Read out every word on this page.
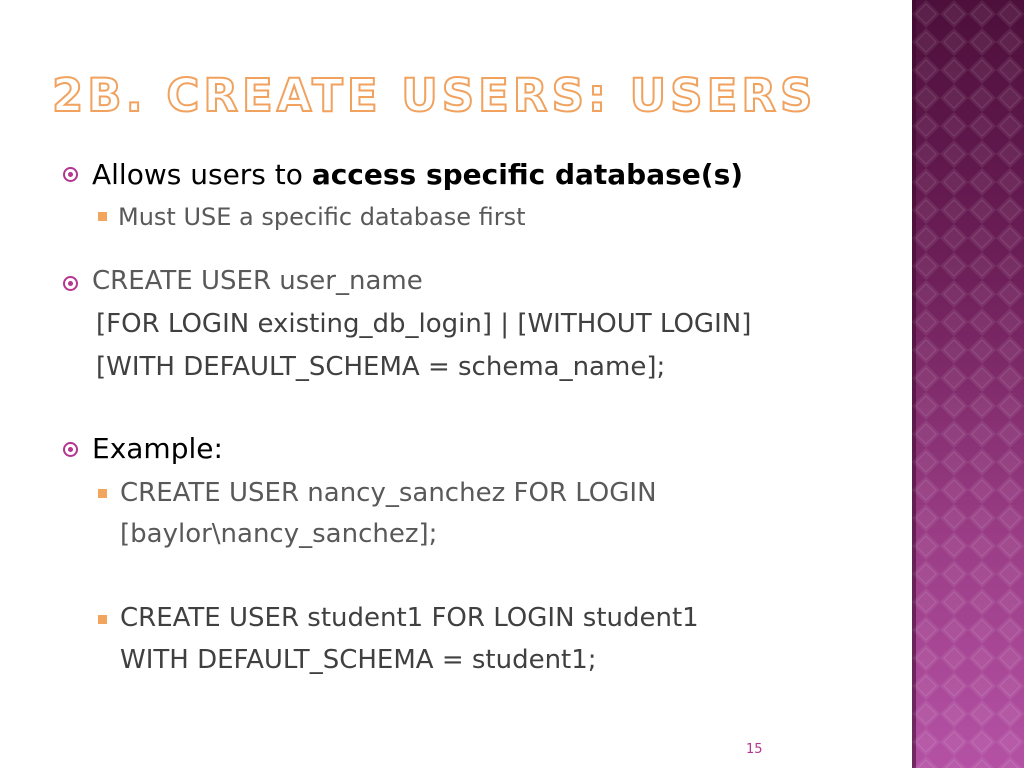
2B. CREATE USERS: USERS
Allows users to access specific database(s)
Must USE a specific database first
CREATE USER user_name
[FOR LOGIN existing_db_login] | [WITHOUT LOGIN]
[WITH DEFAULT_SCHEMA = schema_name];
Example:
CREATE USER nancy_sanchez FOR LOGIN
[baylor\nancy_sanchez];
CREATE USER student1 FOR LOGIN student1
WITH DEFAULT_SCHEMA = student1;
15
